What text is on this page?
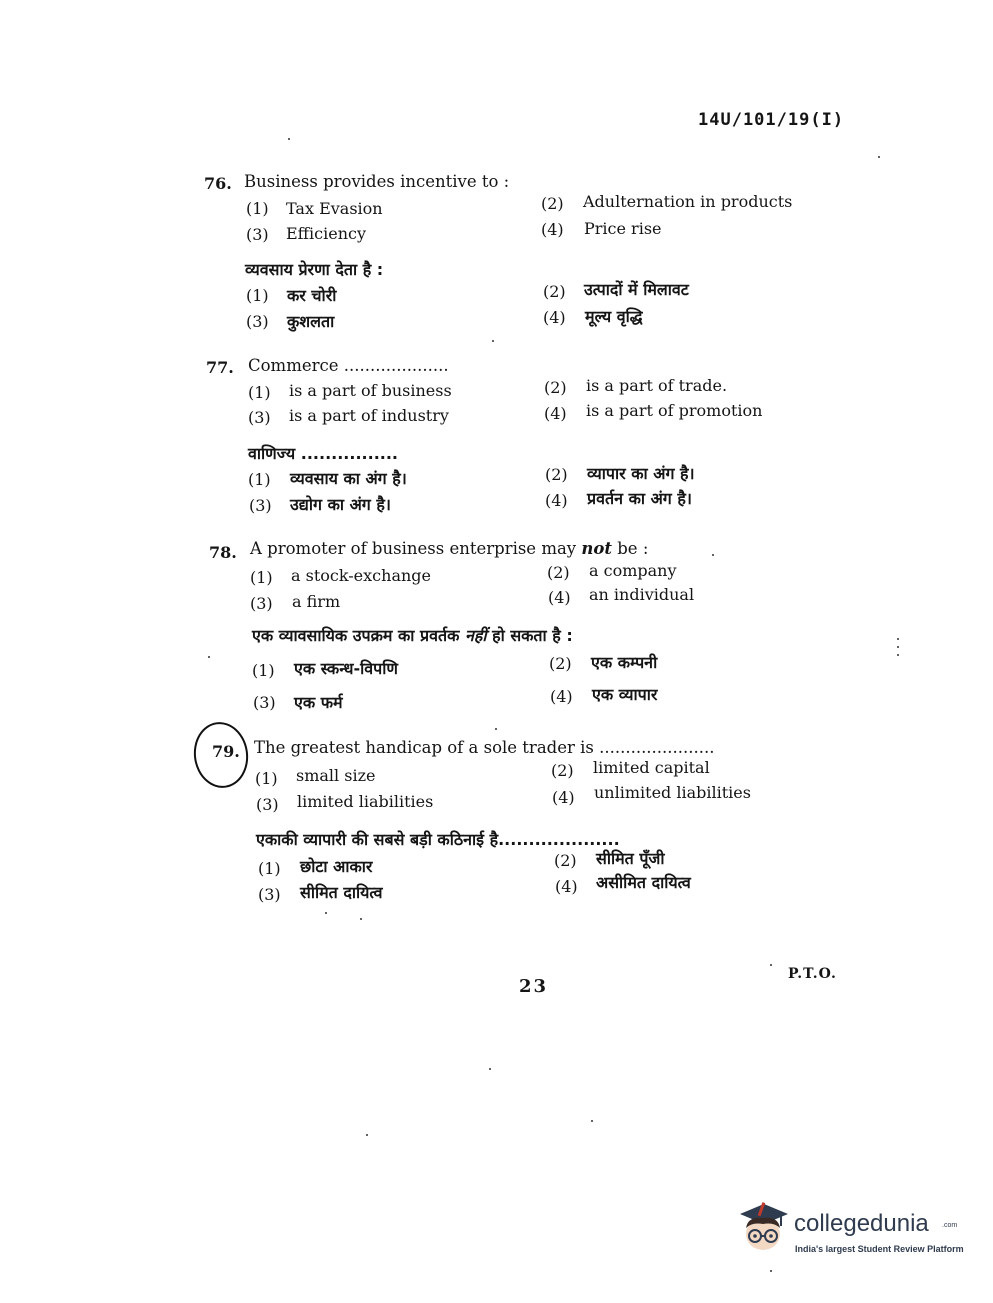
14U/101/19(I)
76. Business provides incentive to :
(1) Tax Evasion	(2) Adulternation in products
(3) Efficiency	(4) Price rise
व्यवसाय प्रेरणा देता है :
(1) कर चोरी	(2) उत्पादों में मिलावट
(3) कुशलता	(4) मूल्य वृद्धि
77. Commerce ....................
(1) is a part of business	(2) is a part of trade.
(3) is a part of industry	(4) is a part of promotion
वाणिज्य ................
(1) व्यवसाय का अंग है।	(2) व्यापार का अंग है।
(3) उद्योग का अंग है।	(4) प्रवर्तन का अंग है।
78. A promoter of business enterprise may not be :
(1) a stock-exchange	(2) a company
(3) a firm	(4) an individual
एक व्यावसायिक उपक्रम का प्रवर्तक नहीं हो सकता है :
(1) एक स्कन्ध-विपणि	(2) एक कम्पनी
(3) एक फर्म	(4) एक व्यापार
79. The greatest handicap of a sole trader is ......................
(1) small size	(2) limited capital
(3) limited liabilities	(4) unlimited liabilities
एकाकी व्यापारी की सबसे बड़ी कठिनाई है....................
(1) छोटा आकार	(2) सीमित पूँजी
(3) सीमित दायित्व	(4) असीमित दायित्व
23
P.T.O.
collegedunia .com
India's largest Student Review Platform
